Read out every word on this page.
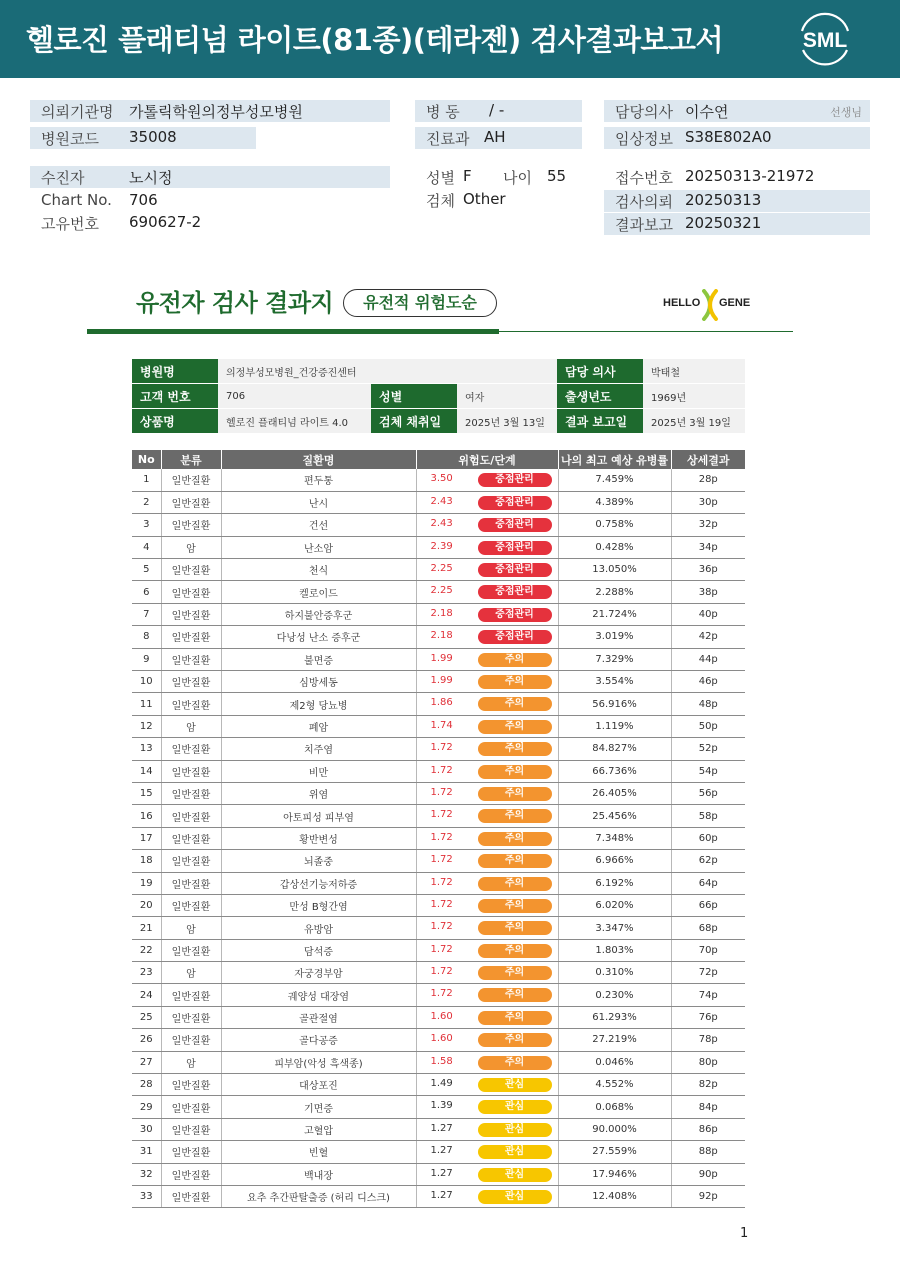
헬로진 플래티넘 라이트(81종)(테라젠) 검사결과보고서	SML
의뢰기관명 가톨릭학원의정부성모병원
병원코드 35008
병 동 / -
진료과 AH
담당의사 이수연	선생님
임상정보 S38E802A0
수진자	노시정
Chart No. 706
고유번호 690627-2
성별 F 나이 55
검체 Other
접수번호 20250313-21972
검사의뢰 20250313
결과보고 20250321
유전자 검사 결과지	유전적 위험도순	HELLO GENE
병원명	의정부성모병원_건강증진센터			담당 의사	박태철
고객 번호	706	성별	여자	출생년도	1969년
상품명	헬로진 플래티넘 라이트 4.0	검체 채취일	2025년 3월 13일	결과 보고일	2025년 3월 19일
No	분류	질환명	위험도/단계	나의 최고 예상 유병률	상세결과
1	일반질환	편두통	3.50 중점관리	7.459%	28p
2	일반질환	난시	2.43 중점관리	4.389%	30p
3	일반질환	건선	2.43 중점관리	0.758%	32p
4	암	난소암	2.39 중점관리	0.428%	34p
5	일반질환	천식	2.25 중점관리	13.050%	36p
6	일반질환	켈로이드	2.25 중점관리	2.288%	38p
7	일반질환	하지불안증후군	2.18 중점관리	21.724%	40p
8	일반질환	다낭성 난소 증후군	2.18 중점관리	3.019%	42p
9	일반질환	불면증	1.99 주의	7.329%	44p
10	일반질환	심방세동	1.99 주의	3.554%	46p
11	일반질환	제2형 당뇨병	1.86 주의	56.916%	48p
12	암	폐암	1.74 주의	1.119%	50p
13	일반질환	치주염	1.72 주의	84.827%	52p
14	일반질환	비만	1.72 주의	66.736%	54p
15	일반질환	위염	1.72 주의	26.405%	56p
16	일반질환	아토피성 피부염	1.72 주의	25.456%	58p
17	일반질환	황반변성	1.72 주의	7.348%	60p
18	일반질환	뇌졸중	1.72 주의	6.966%	62p
19	일반질환	갑상선기능저하증	1.72 주의	6.192%	64p
20	일반질환	만성 B형간염	1.72 주의	6.020%	66p
21	암	유방암	1.72 주의	3.347%	68p
22	일반질환	담석증	1.72 주의	1.803%	70p
23	암	자궁경부암	1.72 주의	0.310%	72p
24	일반질환	궤양성 대장염	1.72 주의	0.230%	74p
25	일반질환	골관절염	1.60 주의	61.293%	76p
26	일반질환	골다공증	1.60 주의	27.219%	78p
27	암	피부암(악성 흑색종)	1.58 주의	0.046%	80p
28	일반질환	대상포진	1.49 관심	4.552%	82p
29	일반질환	기면증	1.39 관심	0.068%	84p
30	일반질환	고혈압	1.27 관심	90.000%	86p
31	일반질환	빈혈	1.27 관심	27.559%	88p
32	일반질환	백내장	1.27 관심	17.946%	90p
33	일반질환	요추 추간판탈출증 (허리 디스크)	1.27 관심	12.408%	92p
1
